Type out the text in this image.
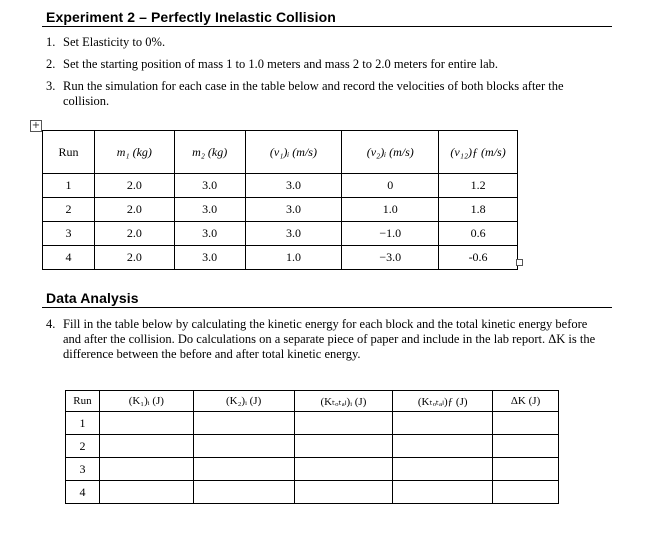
Experiment 2 – Perfectly Inelastic Collision
1. Set Elasticity to 0%.
2. Set the starting position of mass 1 to 1.0 meters and mass 2 to 2.0 meters for entire lab.
3. Run the simulation for each case in the table below and record the velocities of both blocks after the collision.
+
Run	m₁ (kg)	m₂ (kg)	(v₁)ᵢ (m/s)	(v₂)ᵢ (m/s)	(v₁₂)ƒ (m/s)
1	2.0	3.0	3.0	0	1.2
2	2.0	3.0	3.0	1.0	1.8
3	2.0	3.0	3.0	−1.0	0.6
4	2.0	3.0	1.0	−3.0	-0.6
Data Analysis
4. Fill in the table below by calculating the kinetic energy for each block and the total kinetic energy before and after the collision. Do calculations on a separate piece of paper and include in the lab report. ΔK is the difference between the before and after total kinetic energy.
Run	(K₁)ᵢ (J)	(K₂)ᵢ (J)	(Kₜₒₜₐₗ)ᵢ (J)	(Kₜₒₜₐₗ)ƒ (J)	ΔK (J)
1					
2					
3					
4					
